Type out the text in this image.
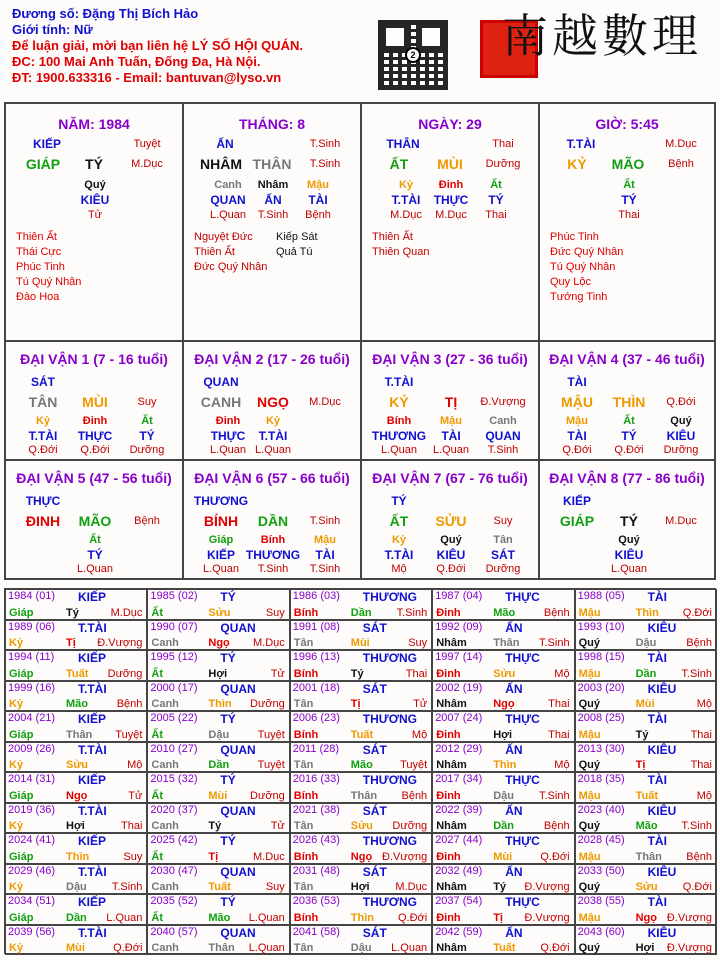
Đương số: Đặng Thị Bích Hảo
Giới tính: Nữ
Để luận giải, mời bạn liên hệ LÝ SỐ HỘI QUÁN.
ĐC: 100 Mai Anh Tuấn, Đống Đa, Hà Nội.
ĐT: 1900.633316 - Email: bantuvan@lyso.vn
2 南越數理
NĂM: 1984
KIẾP	Tuyệt
GIÁP TÝ	M.Dục
Quý
KIÊU
Tử
Thiên Ất
Thái Cực
Phúc Tinh
Tú Quý Nhân
Đào Hoa
THÁNG: 8
ẤN	T.Sinh
NHÂM THÂN T.Sinh
Canh
QUAN
L.Quan
Nhâm
ẤN
T.Sinh
Mậu
TÀI
Bệnh
Nguyệt Đức
Thiên Ất
Đức Quý Nhân
Kiếp Sát
Quả Tú
NGÀY: 29
THÂN	Thai
ẤT MÙI Dưỡng
Kỷ
T.TÀI
M.Dục
Đinh
THỰC
M.Dục
Ất
TÝ
Thai
Thiên Ất
Thiên Quan
GIỜ: 5:45
T.TÀI	M.Dục
KỶ MÃO Bệnh
Ất
TÝ
Thai
Phúc Tinh
Đức Quý Nhân
Tú Quý Nhân
Quy Lộc
Tướng Tinh
ĐẠI VẬN 1 (7 - 16 tuổi)
SÁT
TÂN MÙI	Suy
Kỷ
T.TÀI
Q.Đới
Đinh
THỰC
Q.Đới
Ất
TÝ
Dưỡng
ĐẠI VẬN 2 (17 - 26 tuổi)
QUAN
CANH NGỌ M.Dục
Đinh
THỰC
L.Quan
Kỷ
T.TÀI
L.Quan
ĐẠI VẬN 3 (27 - 36 tuổi)
T.TÀI
KỶ	TỊ Đ.Vượng
Bính
THƯƠNG
L.Quan
Mậu
TÀI
L.Quan
Canh
QUAN
T.Sinh
ĐẠI VẬN 4 (37 - 46 tuổi)
TÀI
MẬU THÌN Q.Đới
Mậu
TÀI
Q.Đới
Ất
TÝ
Q.Đới
Quý
KIÊU
Dưỡng
ĐẠI VẬN 5 (47 - 56 tuổi)
THỰC
ĐINH MÃO Bệnh
Ất
TÝ
L.Quan
ĐẠI VẬN 6 (57 - 66 tuổi)
THƯƠNG
BÍNH DẦN T.Sinh
Giáp
KIẾP
L.Quan
Bính
THƯƠNG
T.Sinh
Mậu
TÀI
T.Sinh
ĐẠI VẬN 7 (67 - 76 tuổi)
TÝ
ẤT SỬU Suy
Kỷ
T.TÀI
Mộ
Quý
KIÊU
Q.Đới
Tân
SÁT
Dưỡng
ĐẠI VẬN 8 (77 - 86 tuổi)
KIẾP
GIÁP TÝ M.Dục
Quý
KIÊU
L.Quan
1984 (01) KIẾP
Giáp	Tý	M.Dục
1985 (02) TÝ
Ất	Sửu	Suy
1986 (03) THƯƠNG
Bính	Dần T.Sinh
1987 (04) THỰC
Đinh	Mão	Bệnh
1988 (05) TÀI
Mậu	Thìn Q.Đới
1989 (06) T.TÀI
Kỷ	Tị Đ.Vượng
1990 (07) QUAN
Canh	Ngọ M.Dục
1991 (08) SÁT
Tân	Mùi	Suy
1992 (09) ẤN
Nhâm Thân T.Sinh
1993 (10) KIÊU
Quý	Dậu	Bệnh
1994 (11) KIẾP
Giáp	Tuất Dưỡng
1995 (12) TÝ
Ất	Hợi	Tử
1996 (13) THƯƠNG
Bính	Tý	Thai
1997 (14) THỰC
Đinh	Sửu	Mộ
1998 (15) TÀI
Mậu	Dần T.Sinh
1999 (16) T.TÀI
Kỷ	Mão	Bệnh
2000 (17) QUAN
Canh	Thìn Dưỡng
2001 (18) SÁT
Tân	Tị	Tử
2002 (19) ẤN
Nhâm Ngọ	Thai
2003 (20) KIÊU
Quý	Mùi	Mộ
2004 (21) KIẾP
Giáp	Thân Tuyệt
2005 (22) TÝ
Ất	Dậu	Tuyệt
2006 (23) THƯƠNG
Bính	Tuất	Mộ
2007 (24) THỰC
Đinh	Hợi	Thai
2008 (25) TÀI
Mậu	Tý	Thai
2009 (26) T.TÀI
Kỷ	Sửu	Mộ
2010 (27) QUAN
Canh	Dần	Tuyệt
2011 (28) SÁT
Tân	Mão Tuyệt
2012 (29) ẤN
Nhâm Thìn	Mộ
2013 (30) KIÊU
Quý	Tị	Thai
2014 (31) KIẾP
Giáp	Ngọ	Tử
2015 (32) TÝ
Ất	Mùi Dưỡng
2016 (33) THƯƠNG
Bính	Thân Bệnh
2017 (34) THỰC
Đinh	Dậu T.Sinh
2018 (35) TÀI
Mậu	Tuất	Mộ
2019 (36) T.TÀI
Kỷ	Hợi	Thai
2020 (37) QUAN
Canh	Tý	Tử
2021 (38) SÁT
Tân	Sửu Dưỡng
2022 (39) ẤN
Nhâm Dần	Bệnh
2023 (40) KIÊU
Quý	Mão T.Sinh
2024 (41) KIẾP
Giáp	Thìn	Suy
2025 (42) TÝ
Ất	Tị	M.Dục
2026 (43) THƯƠNG
Bính	Ngọ Đ.Vượng
2027 (44) THỰC
Đinh	Mùi	Q.Đới
2028 (45) TÀI
Mậu	Thân Bệnh
2029 (46) T.TÀI
Kỷ	Dậu T.Sinh
2030 (47) QUAN
Canh	Tuất	Suy
2031 (48) SÁT
Tân	Hợi M.Dục
2032 (49) ẤN
Nhâm Tý Đ.Vượng
2033 (50) KIÊU
Quý	Sửu Q.Đới
2034 (51) KIẾP
Giáp	Dần L.Quan
2035 (52) TÝ
Ất	Mão L.Quan
2036 (53) THƯƠNG
Bính	Thìn Q.Đới
2037 (54) THỰC
Đinh	Tị Đ.Vượng
2038 (55) TÀI
Mậu	Ngọ Đ.Vượng
2039 (56) T.TÀI
Kỷ	Mùi	Q.Đới
2040 (57) QUAN
Canh	Thân L.Quan
2041 (58) SÁT
Tân	Dậu L.Quan
2042 (59) ẤN
Nhâm Tuất Q.Đới
2043 (60) KIÊU
Quý	Hợi Đ.Vượng
